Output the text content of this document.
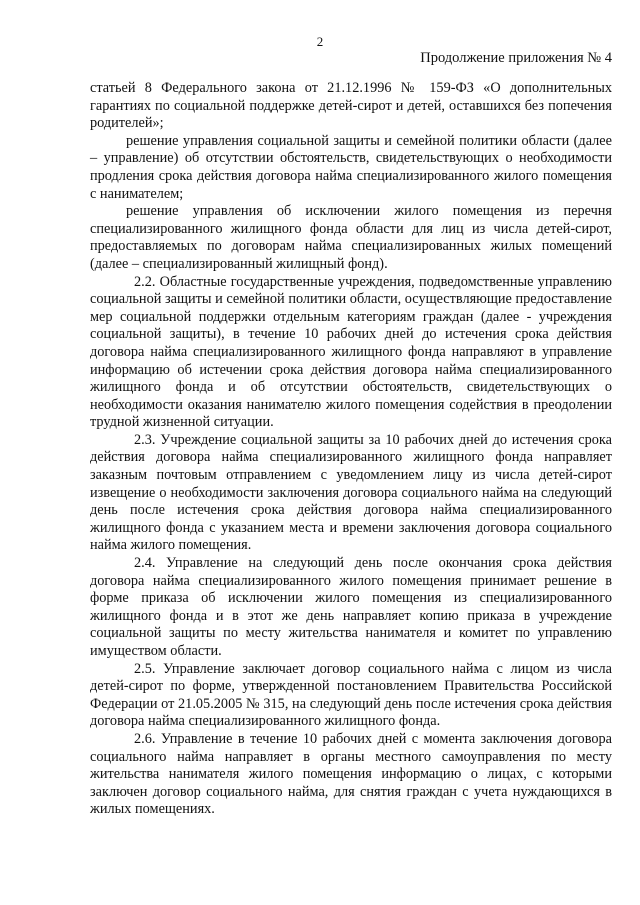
2
Продолжение приложения № 4

статьей 8 Федерального закона от 21.12.1996 № 159-ФЗ «О дополнительных гарантиях по социальной поддержке детей-сирот и детей, оставшихся без попечения родителей»;

решение управления социальной защиты и семейной политики области (далее – управление) об отсутствии обстоятельств, свидетельствующих о необходимости продления срока действия договора найма специализированного жилого помещения с нанимателем;

решение управления об исключении жилого помещения из перечня специализированного жилищного фонда области для лиц из числа детей-сирот, предоставляемых по договорам найма специализированных жилых помещений (далее – специализированный жилищный фонд).

2.2. Областные государственные учреждения, подведомственные управлению социальной защиты и семейной политики области, осуществляющие предоставление мер социальной поддержки отдельным категориям граждан (далее - учреждения социальной защиты), в течение 10 рабочих дней до истечения срока действия договора найма специализированного жилищного фонда направляют в управление информацию об истечении срока действия договора найма специализированного жилищного фонда и об отсутствии обстоятельств, свидетельствующих о необходимости оказания нанимателю жилого помещения содействия в преодолении трудной жизненной ситуации.

2.3. Учреждение социальной защиты за 10 рабочих дней до истечения срока действия договора найма специализированного жилищного фонда направляет заказным почтовым отправлением с уведомлением лицу из числа детей-сирот извещение о необходимости заключения договора социального найма на следующий день после истечения срока действия договора найма специализированного жилищного фонда с указанием места и времени заключения договора социального найма жилого помещения.

2.4. Управление на следующий день после окончания срока действия договора найма специализированного жилого помещения принимает решение в форме приказа об исключении жилого помещения из специализированного жилищного фонда и в этот же день направляет копию приказа в учреждение социальной защиты по месту жительства нанимателя и комитет по управлению имуществом области.

2.5. Управление заключает договор социального найма с лицом из числа детей-сирот по форме, утвержденной постановлением Правительства Российской Федерации от 21.05.2005 № 315, на следующий день после истечения срока действия договора найма специализированного жилищного фонда.

2.6. Управление в течение 10 рабочих дней с момента заключения договора социального найма направляет в органы местного самоуправления по месту жительства нанимателя жилого помещения информацию о лицах, с которыми заключен договор социального найма, для снятия граждан с учета нуждающихся в жилых помещениях.
